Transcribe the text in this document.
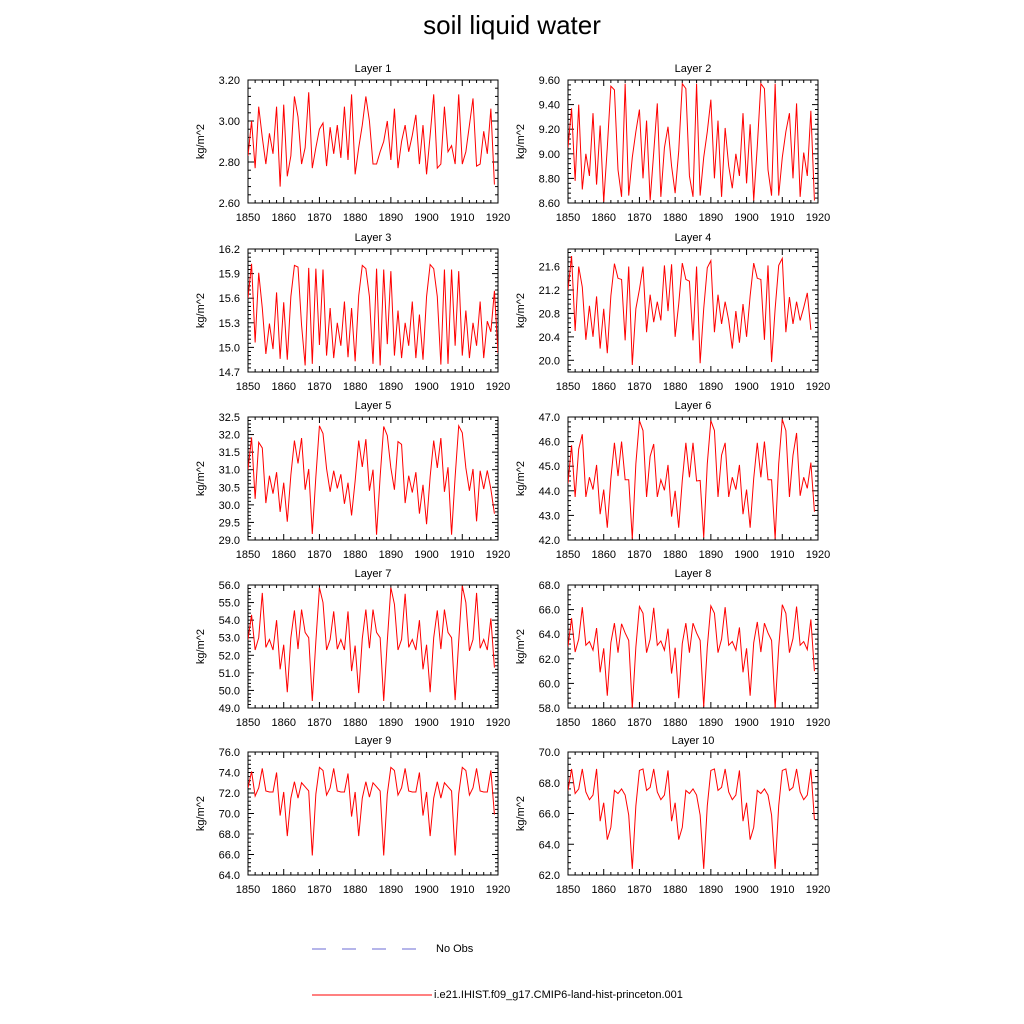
soil liquid water
Layer 1
kg/m^2
1850 1860 1870 1880 1890 1900 1910 1920
2.60
2.80
3.00
3.20
Layer 2
kg/m^2
1850 1860 1870 1880 1890 1900 1910 1920
8.60
8.80
9.00
9.20
9.40
9.60
Layer 3
kg/m^2
1850 1860 1870 1880 1890 1900 1910 1920
14.7
15.0
15.3
15.6
15.9
16.2
Layer 4
kg/m^2
1850 1860 1870 1880 1890 1900 1910 1920
20.0
20.4
20.8
21.2
21.6
Layer 5
kg/m^2
1850 1860 1870 1880 1890 1900 1910 1920
29.0
29.5
30.0
30.5
31.0
31.5
32.0
32.5
Layer 6
kg/m^2
1850 1860 1870 1880 1890 1900 1910 1920
42.0
43.0
44.0
45.0
46.0
47.0
Layer 7
kg/m^2
1850 1860 1870 1880 1890 1900 1910 1920
49.0
50.0
51.0
52.0
53.0
54.0
55.0
56.0
Layer 8
kg/m^2
1850 1860 1870 1880 1890 1900 1910 1920
58.0
60.0
62.0
64.0
66.0
68.0
Layer 9
kg/m^2
1850 1860 1870 1880 1890 1900 1910 1920
64.0
66.0
68.0
70.0
72.0
74.0
76.0
Layer 10
kg/m^2
1850 1860 1870 1880 1890 1900 1910 1920
62.0
64.0
66.0
68.0
70.0
No Obs
i.e21.IHIST.f09_g17.CMIP6-land-hist-princeton.001
